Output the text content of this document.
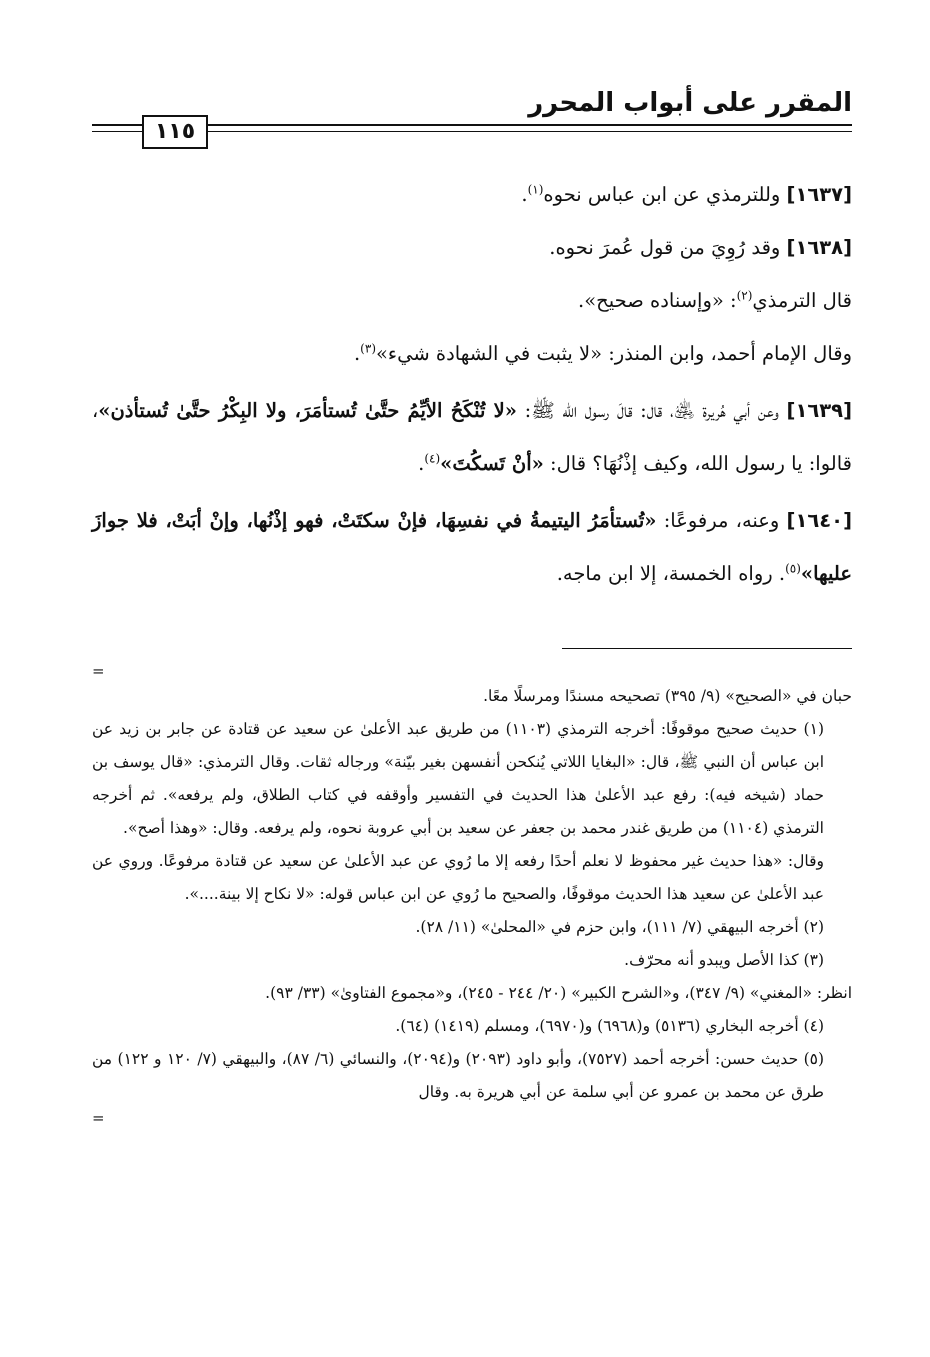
المقرر على أبواب المحرر
١١٥

[١٦٣٧] وللترمذي عن ابن عباس نحوه$^{(١)}$.

[١٦٣٨] وقد رُوِيَ من قول عُمرَ نحوه.

قال الترمذي$^{(٢)}$: «وإسناده صحيح».

وقال الإمام أحمد، وابن المنذر: «لا يثبت في الشهادة شيء»$^{(٣)}$.

[١٦٣٩] وعن أبي هُريرة ﵁، قال: قالَ رسول الله ﷺ: «لا تُنْكَحُ الأيِّمُ حتَّىٰ تُستأمَرَ، ولا البِكْرُ حتَّىٰ تُستأذن»، قالوا: يا رسول الله، وكيف إذْنُهَا؟ قال: «أنْ تَسكُتَ»$^{(٤)}$.

[١٦٤٠] وعنه، مرفوعًا: «تُستأمَرُ اليتيمةُ في نفسِهَا، فإنْ سكتَتْ، فهو إذْنُها، وإنْ أبَتْ، فلا جوازَ عليها»$^{(٥)}$. رواه الخمسة، إلا ابن ماجه.

=

حبان في «الصحيح» (٩/ ٣٩٥) تصحيحه مسندًا ومرسلًا معًا.

(١) حديث صحيح موقوفًا: أخرجه الترمذي (١١٠٣) من طريق عبد الأعلىٰ عن سعيد عن قتادة عن جابر بن زيد عن ابن عباس أن النبي ﷺ، قال: «البغايا اللاتي يُنكحن أنفسهن بغير بيّنة» ورجاله ثقات. وقال الترمذي: «قال يوسف بن حماد (شيخه فيه): رفع عبد الأعلىٰ هذا الحديث في التفسير وأوقفه في كتاب الطلاق، ولم يرفعه». ثم أخرجه الترمذي (١١٠٤) من طريق غندر محمد بن جعفر عن سعيد بن أبي عروبة نحوه، ولم يرفعه. وقال: «وهذا أصح».

وقال: «هذا حديث غير محفوظ لا نعلم أحدًا رفعه إلا ما رُوي عن عبد الأعلىٰ عن سعيد عن قتادة مرفوعًا. وروي عن عبد الأعلىٰ عن سعيد هذا الحديث موقوفًا، والصحيح ما رُوي عن ابن عباس قوله: «لا نكاح إلا بينة....».

(٢) أخرجه البيهقي (٧/ ١١١)، وابن حزم في «المحلىٰ» (١١/ ٢٨).

(٣) كذا الأصل ويبدو أنه محرّف.

انظر: «المغني» (٩/ ٣٤٧)، و«الشرح الكبير» (٢٠/ ٢٤٤ - ٢٤٥)، و«مجموع الفتاوىٰ» (٣٣/ ٩٣).

(٤) أخرجه البخاري (٥١٣٦) و(٦٩٦٨) و(٦٩٧٠)، ومسلم (١٤١٩) (٦٤).

(٥) حديث حسن: أخرجه أحمد (٧٥٢٧)، وأبو داود (٢٠٩٣) و(٢٠٩٤)، والنسائي (٦/ ٨٧)، والبيهقي (٧/ ١٢٠ و ١٢٢) من طرق عن محمد بن عمرو عن أبي سلمة عن أبي هريرة به. وقال

=
